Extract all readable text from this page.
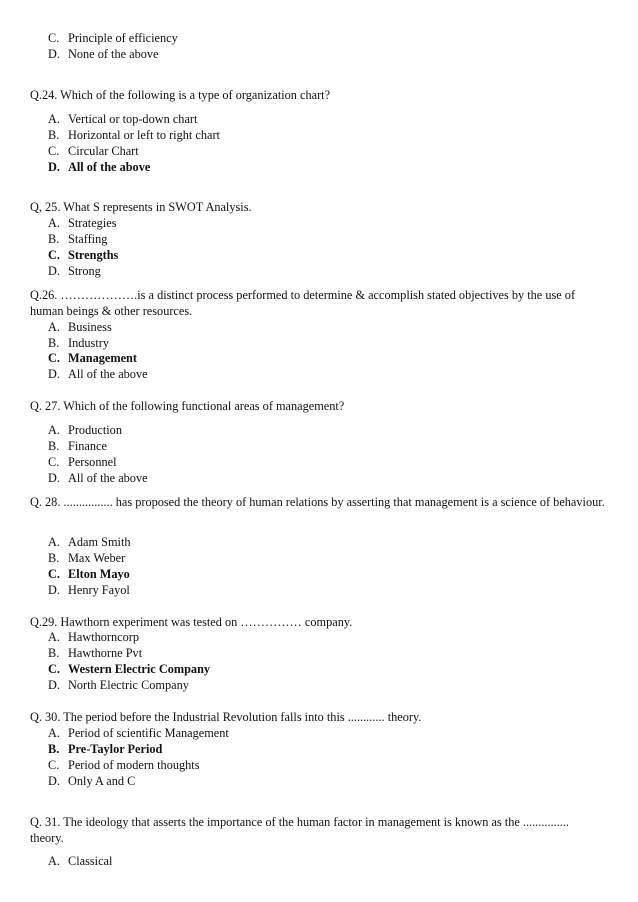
C. Principle of efficiency
D. None of the above
Q.24. Which of the following is a type of organization chart?
A. Vertical or top-down chart
B. Horizontal or left to right chart
C. Circular Chart
D. All of the above
Q, 25. What S represents in SWOT Analysis.
A. Strategies
B. Staffing
C. Strengths
D. Strong
Q.26. ……………….is a distinct process performed to determine & accomplish stated objectives by the use of human beings & other resources.
A. Business
B. Industry
C. Management
D. All of the above
Q. 27. Which of the following functional areas of management?
A. Production
B. Finance
C. Personnel
D. All of the above
Q. 28. ................ has proposed the theory of human relations by asserting that management is a science of behaviour.
A. Adam Smith
B. Max Weber
C. Elton Mayo
D. Henry Fayol
Q.29. Hawthorn experiment was tested on …………… company.
A. Hawthorncorp
B. Hawthorne Pvt
C. Western Electric Company
D. North Electric Company
Q. 30. The period before the Industrial Revolution falls into this ............ theory.
A. Period of scientific Management
B. Pre-Taylor Period
C. Period of modern thoughts
D. Only A and C
Q. 31. The ideology that asserts the importance of the human factor in management is known as the ............... theory.
A. Classical
